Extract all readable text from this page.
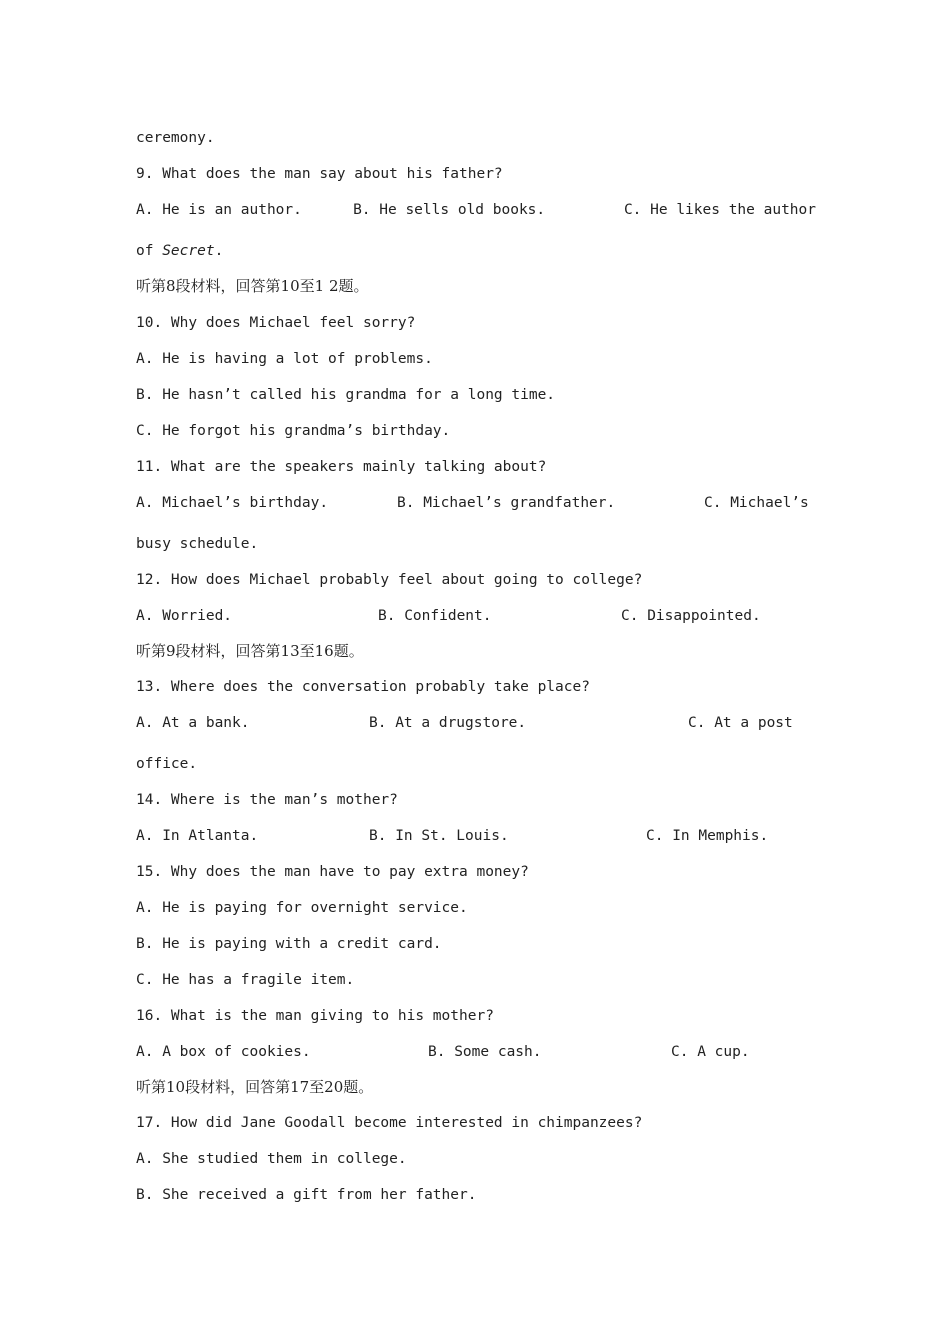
ceremony.
9. What does the man say about his father?
A. He is an author.	B. He sells old books.	C. He likes the author
of Secret.
听第8段材料，回答第10至1 2题。
10. Why does Michael feel sorry?
A. He is having a lot of problems.
B. He hasn’t called his grandma for a long time.
C. He forgot his grandma’s birthday.
11. What are the speakers mainly talking about?
A. Michael’s birthday.	B. Michael’s grandfather.	C. Michael’s
busy schedule.
12. How does Michael probably feel about going to college?
A. Worried.	B. Confident.	C. Disappointed.
听第9段材料，回答第13至16题。
13. Where does the conversation probably take place?
A. At a bank.	B. At a drugstore.	C. At a post
office.
14. Where is the man’s mother?
A. In Atlanta.	B. In St. Louis.	C. In Memphis.
15. Why does the man have to pay extra money?
A. He is paying for overnight service.
B. He is paying with a credit card.
C. He has a fragile item.
16. What is the man giving to his mother?
A. A box of cookies.	B. Some cash.	C. A cup.
听第10段材料，回答第17至20题。
17. How did Jane Goodall become interested in chimpanzees?
A. She studied them in college.
B. She received a gift from her father.
